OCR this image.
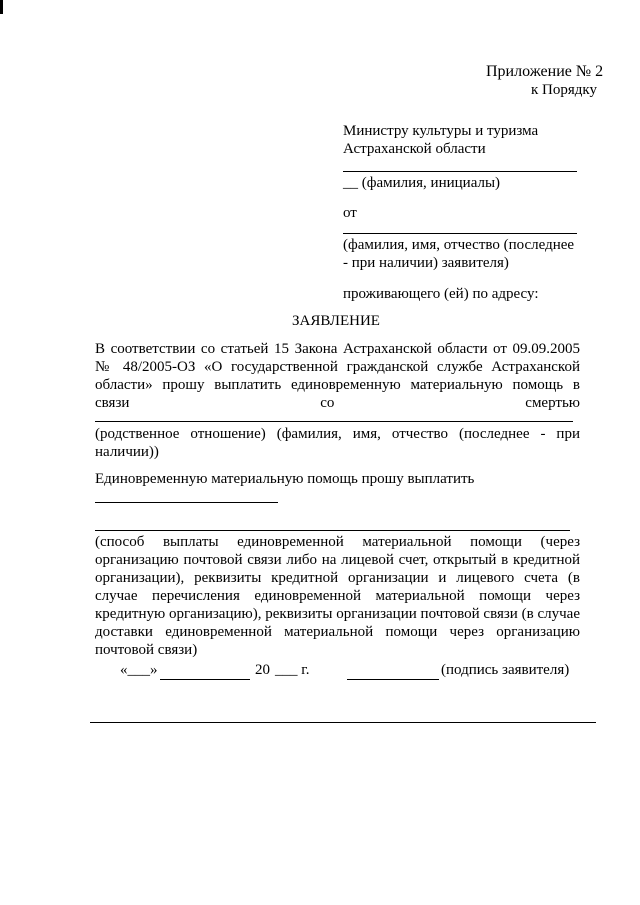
Приложение № 2
к Порядку
Министру культуры и туризма
Астраханской области
__ (фамилия, инициалы)
от
(фамилия, имя, отчество (последнее
- при наличии) заявителя)
проживающего (ей) по адресу:
ЗАЯВЛЕНИЕ
В соответствии со статьей 15 Закона Астраханской области от 09.09.2005
№ 48/2005-ОЗ «О государственной гражданской службе Астраханской
области» прошу выплатить единовременную материальную помощь в
связи со смертью
(родственное отношение) (фамилия, имя, отчество (последнее - при
наличии))
Единовременную материальную помощь прошу выплатить
(способ выплаты единовременной материальной помощи (через
организацию почтовой связи либо на лицевой счет, открытый в кредитной
организации), реквизиты кредитной организации и лицевого счета (в
случае перечисления единовременной материальной помощи через
кредитную организацию), реквизиты организации почтовой связи (в случае
доставки единовременной материальной помощи через организацию
почтовой связи)
«___»	20 ___ г.	(подпись заявителя)
